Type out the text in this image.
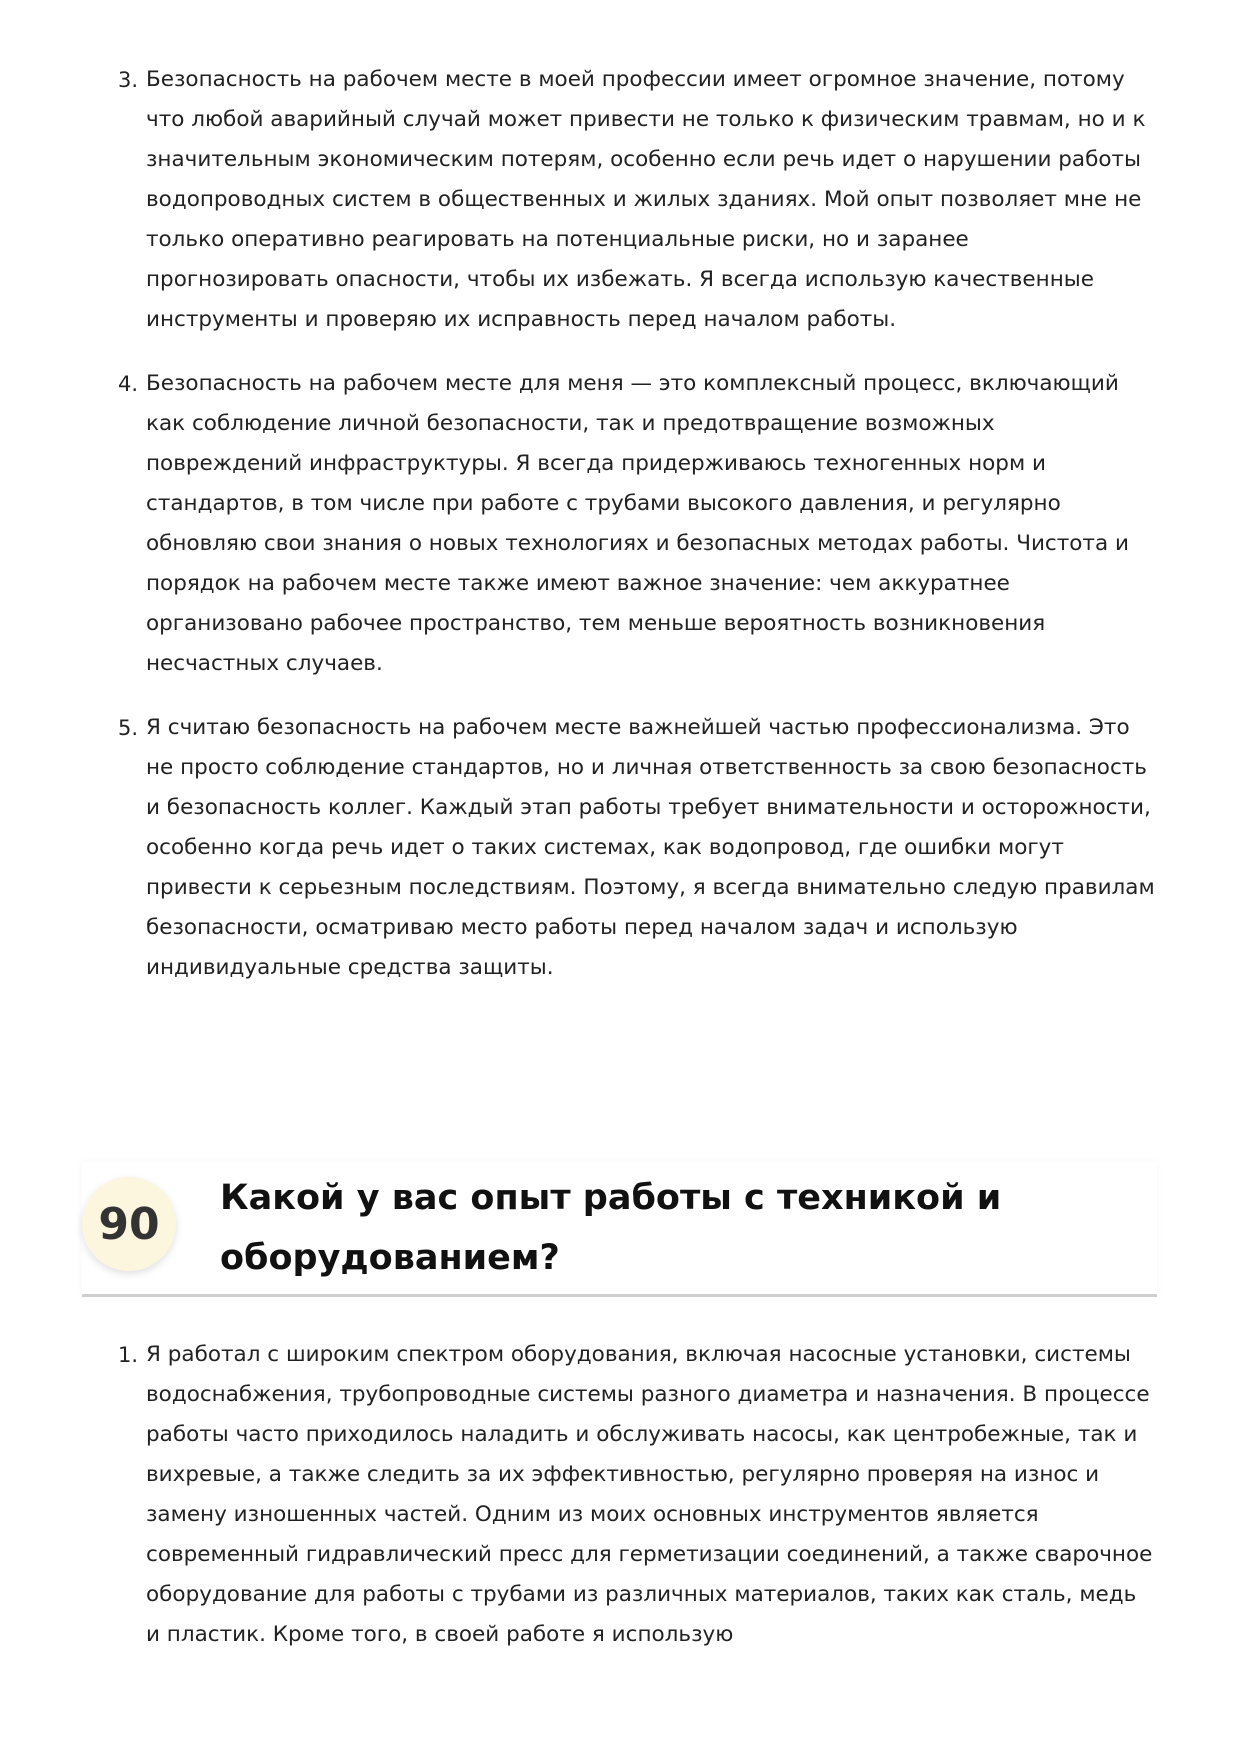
3. Безопасность на рабочем месте в моей профессии имеет огромное значение, потому что любой аварийный случай может привести не только к физическим травмам, но и к значительным экономическим потерям, особенно если речь идет о нарушении работы водопроводных систем в общественных и жилых зданиях. Мой опыт позволяет мне не только оперативно реагировать на потенциальные риски, но и заранее прогнозировать опасности, чтобы их избежать. Я всегда использую качественные инструменты и проверяю их исправность перед началом работы.

4. Безопасность на рабочем месте для меня — это комплексный процесс, включающий как соблюдение личной безопасности, так и предотвращение возможных повреждений инфраструктуры. Я всегда придерживаюсь техногенных норм и стандартов, в том числе при работе с трубами высокого давления, и регулярно обновляю свои знания о новых технологиях и безопасных методах работы. Чистота и порядок на рабочем месте также имеют важное значение: чем аккуратнее организовано рабочее пространство, тем меньше вероятность возникновения несчастных случаев.

5. Я считаю безопасность на рабочем месте важнейшей частью профессионализма. Это не просто соблюдение стандартов, но и личная ответственность за свою безопасность и безопасность коллег. Каждый этап работы требует внимательности и осторожности, особенно когда речь идет о таких системах, как водопровод, где ошибки могут привести к серьезным последствиям. Поэтому, я всегда внимательно следую правилам безопасности, осматриваю место работы перед началом задач и использую индивидуальные средства защиты.

90
Какой у вас опыт работы с техникой и оборудованием?
1. Я работал с широким спектром оборудования, включая насосные установки, системы водоснабжения, трубопроводные системы разного диаметра и назначения. В процессе работы часто приходилось наладить и обслуживать насосы, как центробежные, так и вихревые, а также следить за их эффективностью, регулярно проверяя на износ и замену изношенных частей. Одним из моих основных инструментов является современный гидравлический пресс для герметизации соединений, а также сварочное оборудование для работы с трубами из различных материалов, таких как сталь, медь и пластик. Кроме того, в своей работе я использую
